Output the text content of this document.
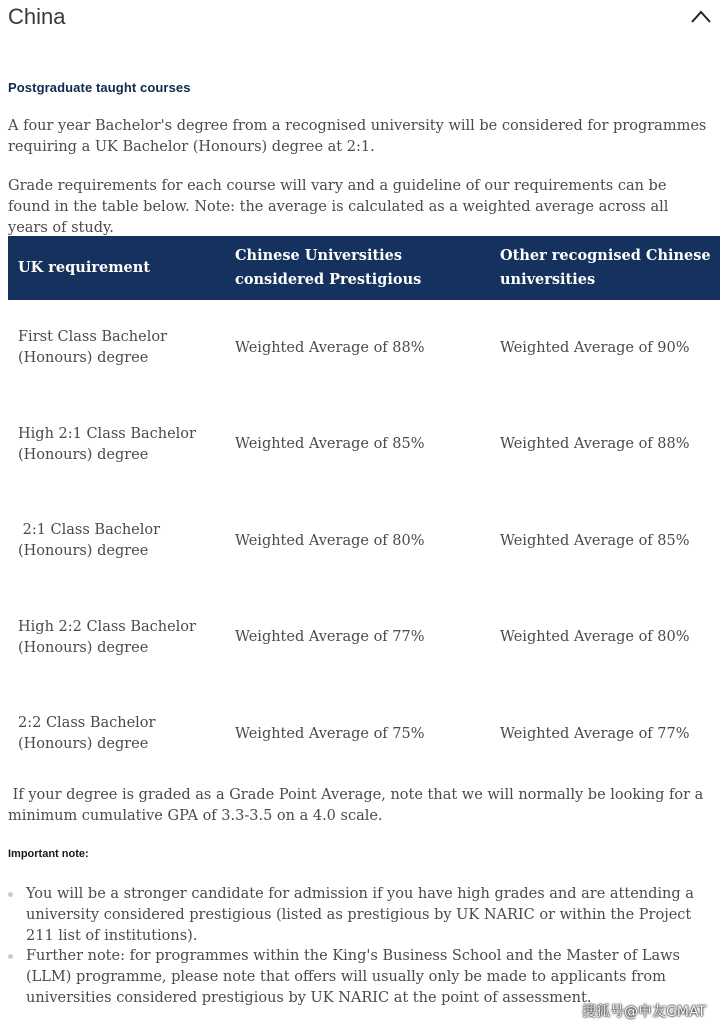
China
Postgraduate taught courses
A four year Bachelor's degree from a recognised university will be considered for programmes requiring a UK Bachelor (Honours) degree at 2:1.
Grade requirements for each course will vary and a guideline of our requirements can be found in the table below. Note: the average is calculated as a weighted average across all years of study.
UK requirement	Chinese Universities considered Prestigious	Other recognised Chinese universities
First Class Bachelor (Honours) degree	Weighted Average of 88%	Weighted Average of 90%
High 2:1 Class Bachelor (Honours) degree	Weighted Average of 85%	Weighted Average of 88%
2:1 Class Bachelor (Honours) degree	Weighted Average of 80%	Weighted Average of 85%
High 2:2 Class Bachelor (Honours) degree	Weighted Average of 77%	Weighted Average of 80%
2:2 Class Bachelor (Honours) degree	Weighted Average of 75%	Weighted Average of 77%
If your degree is graded as a Grade Point Average, note that we will normally be looking for a minimum cumulative GPA of 3.3-3.5 on a 4.0 scale.
Important note:
You will be a stronger candidate for admission if you have high grades and are attending a university considered prestigious (listed as prestigious by UK NARIC or within the Project 211 list of institutions).
Further note: for programmes within the King's Business School and the Master of Laws (LLM) programme, please note that offers will usually only be made to applicants from universities considered prestigious by UK NARIC at the point of assessment.
搜狐号@申友GMAT
